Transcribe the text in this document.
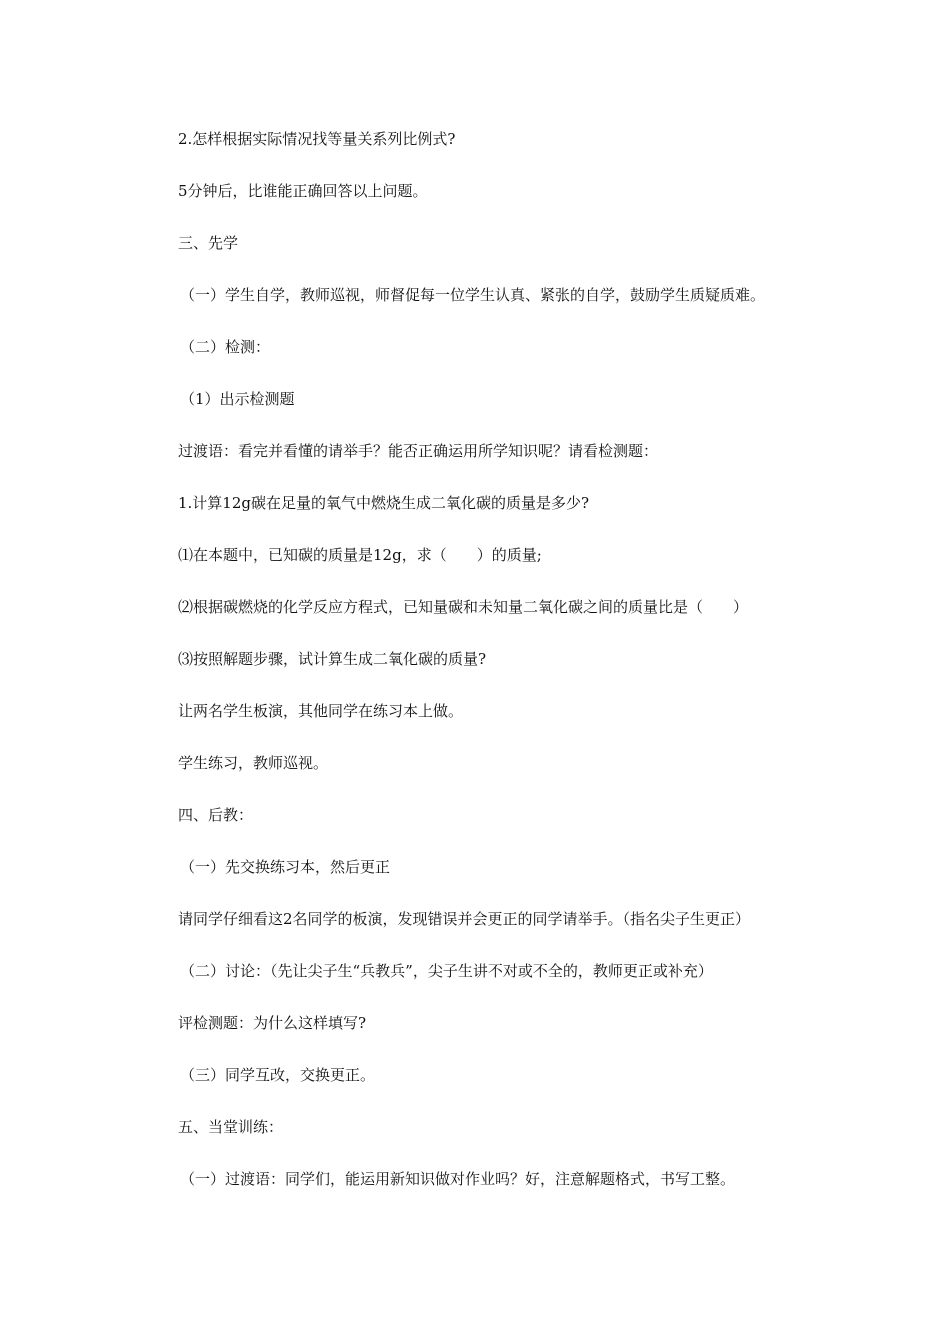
2.怎样根据实际情况找等量关系列比例式?

5分钟后，比谁能正确回答以上问题。

三、先学

（一）学生自学，教师巡视，师督促每一位学生认真、紧张的自学，鼓励学生质疑质难。

（二）检测：

（1）出示检测题

过渡语：看完并看懂的请举手？能否正确运用所学知识呢？请看检测题：

1.计算12g碳在足量的氧气中燃烧生成二氧化碳的质量是多少?

⑴在本题中，已知碳的质量是12g，求（　　）的质量;

⑵根据碳燃烧的化学反应方程式，已知量碳和未知量二氧化碳之间的质量比是（　　）

⑶按照解题步骤，试计算生成二氧化碳的质量?

让两名学生板演，其他同学在练习本上做。

学生练习，教师巡视。

四、后教：

（一）先交换练习本，然后更正

请同学仔细看这2名同学的板演，发现错误并会更正的同学请举手。（指名尖子生更正）

（二）讨论：（先让尖子生“兵教兵”，尖子生讲不对或不全的，教师更正或补充）

评检测题：为什么这样填写?

（三）同学互改，交换更正。

五、当堂训练：

（一）过渡语：同学们，能运用新知识做对作业吗？好，注意解题格式，书写工整。
